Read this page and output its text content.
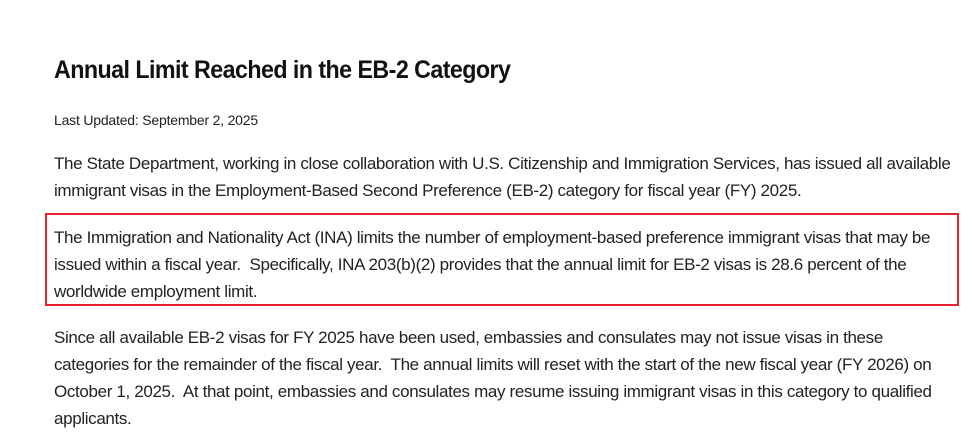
Annual Limit Reached in the EB-2 Category

Last Updated: September 2, 2025

The State Department, working in close collaboration with U.S. Citizenship and Immigration Services, has issued all available immigrant visas in the Employment-Based Second Preference (EB-2) category for fiscal year (FY) 2025.

The Immigration and Nationality Act (INA) limits the number of employment-based preference immigrant visas that may be issued within a fiscal year.  Specifically, INA 203(b)(2) provides that the annual limit for EB-2 visas is 28.6 percent of the worldwide employment limit.

Since all available EB-2 visas for FY 2025 have been used, embassies and consulates may not issue visas in these categories for the remainder of the fiscal year.  The annual limits will reset with the start of the new fiscal year (FY 2026) on October 1, 2025.  At that point, embassies and consulates may resume issuing immigrant visas in this category to qualified applicants.
